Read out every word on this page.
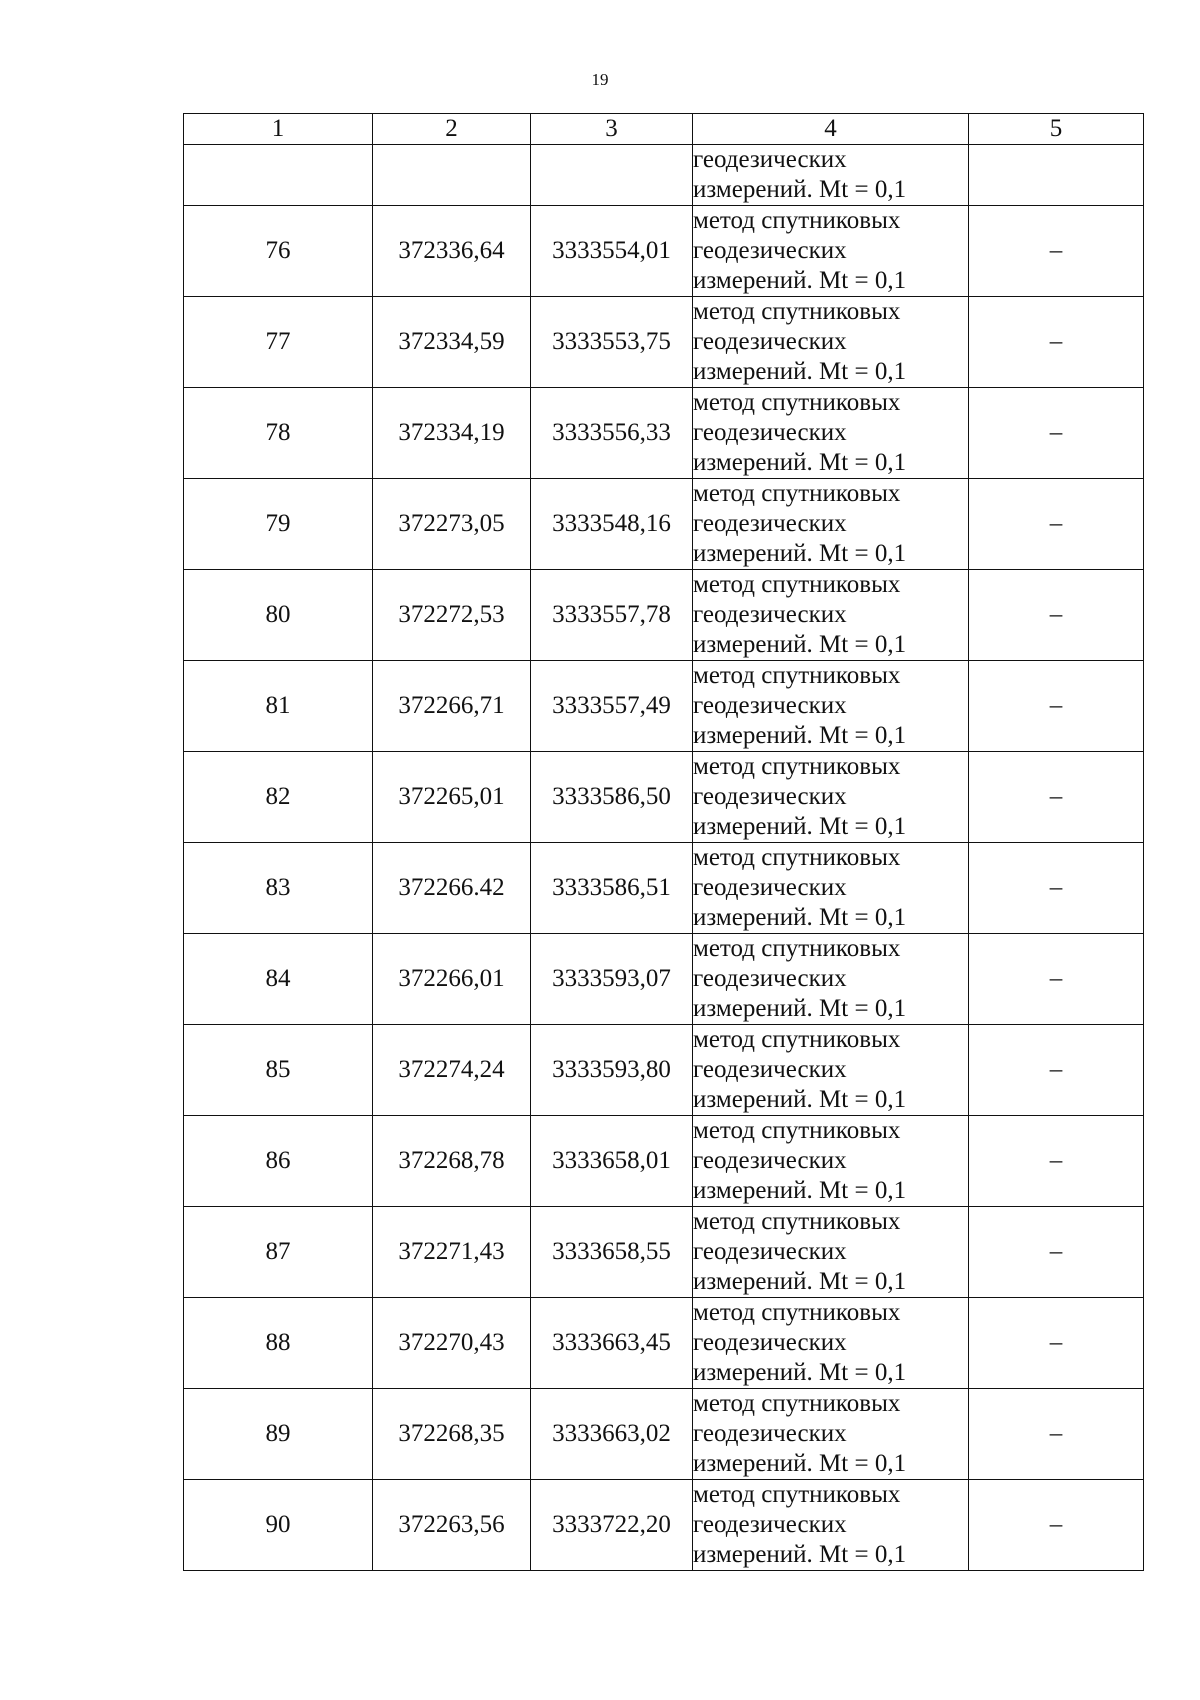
19
1	2	3	4	5

			геодезических
измерений. Mt = 0,1	

76	372336,64	3333554,01	метод спутниковых
геодезических
измерений. Mt = 0,1	–
77	372334,59	3333553,75	метод спутниковых
геодезических
измерений. Mt = 0,1	–
78	372334,19	3333556,33	метод спутниковых
геодезических
измерений. Mt = 0,1	–
79	372273,05	3333548,16	метод спутниковых
геодезических
измерений. Mt = 0,1	–
80	372272,53	3333557,78	метод спутниковых
геодезических
измерений. Mt = 0,1	–
81	372266,71	3333557,49	метод спутниковых
геодезических
измерений. Mt = 0,1	–
82	372265,01	3333586,50	метод спутниковых
геодезических
измерений. Mt = 0,1	–
83	372266.42	3333586,51	метод спутниковых
геодезических
измерений. Mt = 0,1	–
84	372266,01	3333593,07	метод спутниковых
геодезических
измерений. Mt = 0,1	–
85	372274,24	3333593,80	метод спутниковых
геодезических
измерений. Mt = 0,1	–
86	372268,78	3333658,01	метод спутниковых
геодезических
измерений. Mt = 0,1	–
87	372271,43	3333658,55	метод спутниковых
геодезических
измерений. Mt = 0,1	–
88	372270,43	3333663,45	метод спутниковых
геодезических
измерений. Mt = 0,1	–
89	372268,35	3333663,02	метод спутниковых
геодезических
измерений. Mt = 0,1	–
90	372263,56	3333722,20	метод спутниковых
геодезических
измерений. Mt = 0,1	–
